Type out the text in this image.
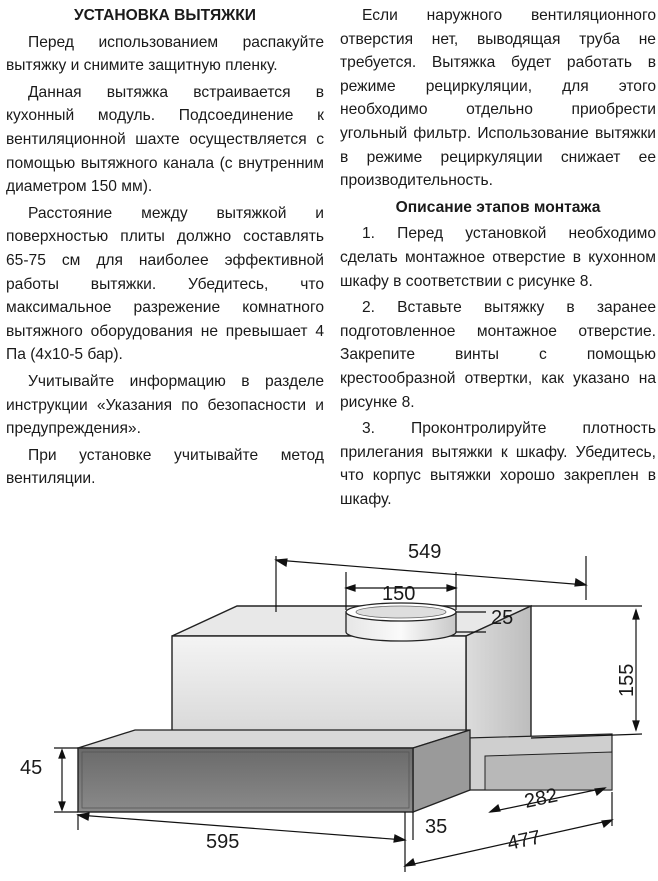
УСТАНОВКА ВЫТЯЖКИ

Перед использованием распакуйте вытяжку и снимите защитную пленку.

Данная вытяжка встраивается в кухонный модуль. Подсоединение к вентиляционной шахте осуществляется с помощью вытяжного канала (с внутренним диаметром 150 мм).

Расстояние между вытяжкой и поверхностью плиты должно составлять 65-75 см для наиболее эффективной работы вытяжки. Убедитесь, что максимальное разрежение комнатного вытяжного оборудования не превышает 4 Па (4х10-5 бар).

Учитывайте информацию в разделе инструкции «Указания по безопасности и предупреждения».

При установке учитывайте метод вентиляции.

Если наружного вентиляционного отверстия нет, выводящая труба не требуется. Вытяжка будет работать в режиме рециркуляции, для этого необходимо отдельно приобрести угольный фильтр. Использование вытяжки в режиме рециркуляции снижает ее производительность.

Описание этапов монтажа

1. Перед установкой необходимо сделать монтажное отверстие в кухонном шкафу в соответствии с рисунке 8.

2. Вставьте вытяжку в заранее подготовленное монтажное отверстие. Закрепите винты с помощью крестообразной отвертки, как указано на рисунке 8.

3. Проконтролируйте плотность прилегания вытяжки к шкафу. Убедитесь, что корпус вытяжки хорошо закреплен в шкафу.

549
150
25
155
45
595
35
282
477
